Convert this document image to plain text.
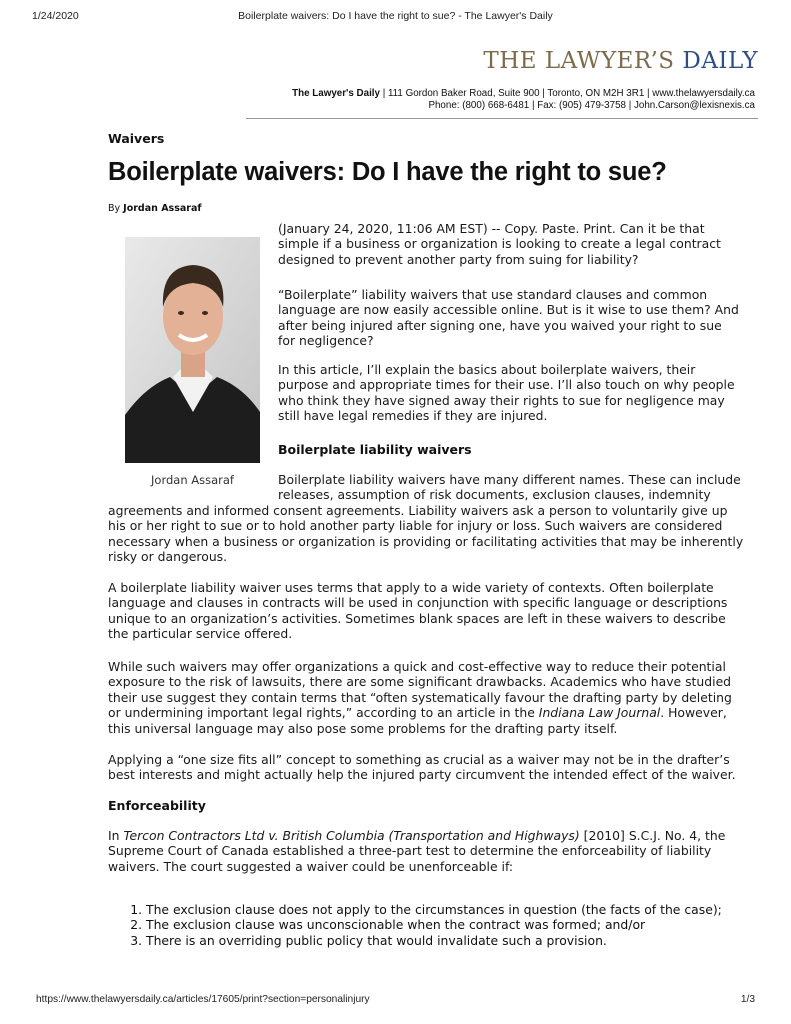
1/24/2020	Boilerplate waivers: Do I have the right to sue? - The Lawyer's Daily
THE LAWYER’S DAILY
The Lawyer's Daily | 111 Gordon Baker Road, Suite 900 | Toronto, ON M2H 3R1 | www.thelawyersdaily.ca
Phone: (800) 668-6481 | Fax: (905) 479-3758 | John.Carson@lexisnexis.ca
Waivers
Boilerplate waivers: Do I have the right to sue?
By Jordan Assaraf
Jordan Assaraf

(January 24, 2020, 11:06 AM EST) -- Copy. Paste. Print. Can it be that
simple if a business or organization is looking to create a legal contract
designed to prevent another party from suing for liability?

“Boilerplate” liability waivers that use standard clauses and common
language are now easily accessible online. But is it wise to use them? And
after being injured after signing one, have you waived your right to sue
for negligence?

In this article, I’ll explain the basics about boilerplate waivers, their
purpose and appropriate times for their use. I’ll also touch on why people
who think they have signed away their rights to sue for negligence may
still have legal remedies if they are injured.

Boilerplate liability waivers

Boilerplate liability waivers have many different names. These can include
releases, assumption of risk documents, exclusion clauses, indemnity

agreements and informed consent agreements. Liability waivers ask a person to voluntarily give up
his or her right to sue or to hold another party liable for injury or loss. Such waivers are considered
necessary when a business or organization is providing or facilitating activities that may be inherently
risky or dangerous.

A boilerplate liability waiver uses terms that apply to a wide variety of contexts. Often boilerplate
language and clauses in contracts will be used in conjunction with specific language or descriptions
unique to an organization’s activities. Sometimes blank spaces are left in these waivers to describe
the particular service offered.

While such waivers may offer organizations a quick and cost-effective way to reduce their potential
exposure to the risk of lawsuits, there are some significant drawbacks. Academics who have studied
their use suggest they contain terms that “often systematically favour the drafting party by deleting
or undermining important legal rights,” according to an article in the Indiana Law Journal. However,
this universal language may also pose some problems for the drafting party itself.

Applying a “one size fits all” concept to something as crucial as a waiver may not be in the drafter’s
best interests and might actually help the injured party circumvent the intended effect of the waiver.

Enforceability

In Tercon Contractors Ltd v. British Columbia (Transportation and Highways) [2010] S.C.J. No. 4, the
Supreme Court of Canada established a three-part test to determine the enforceability of liability
waivers. The court suggested a waiver could be unenforceable if:

1. The exclusion clause does not apply to the circumstances in question (the facts of the case);
2. The exclusion clause was unconscionable when the contract was formed; and/or
3. There is an overriding public policy that would invalidate such a provision.
https://www.thelawyersdaily.ca/articles/17605/print?section=personalinjury	1/3
